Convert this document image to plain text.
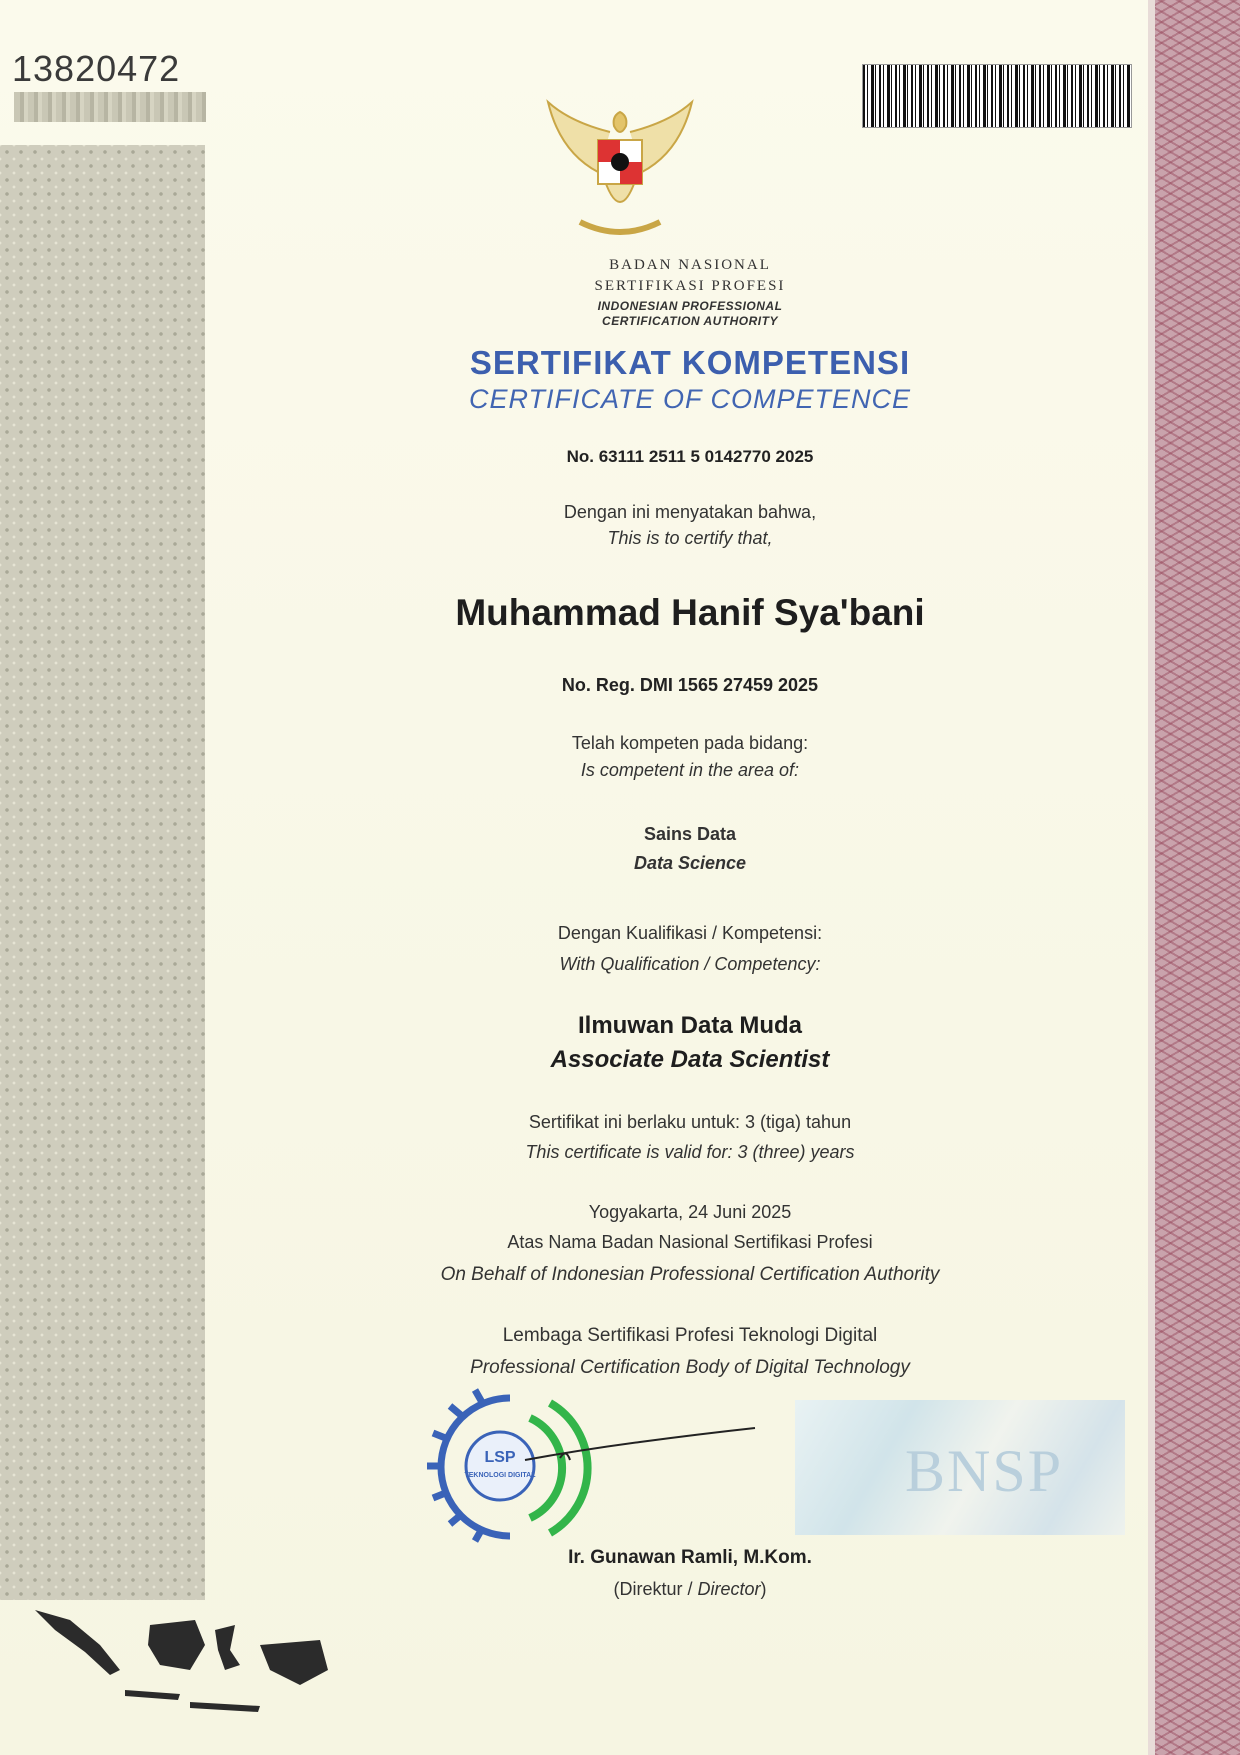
13820472
BADAN NASIONAL
SERTIFIKASI PROFESI
INDONESIAN PROFESSIONAL
CERTIFICATION AUTHORITY
SERTIFIKAT KOMPETENSI
CERTIFICATE OF COMPETENCE
No. 63111 2511 5 0142770 2025
Dengan ini menyatakan bahwa,
This is to certify that,
Muhammad Hanif Sya'bani
No. Reg. DMI 1565 27459 2025
Telah kompeten pada bidang:
Is competent in the area of:
Sains Data
Data Science
Dengan Kualifikasi / Kompetensi:
With Qualification / Competency:
Ilmuwan Data Muda
Associate Data Scientist
Sertifikat ini berlaku untuk: 3 (tiga) tahun
This certificate is valid for: 3 (three) years
Yogyakarta, 24 Juni 2025
Atas Nama Badan Nasional Sertifikasi Profesi
On Behalf of Indonesian Professional Certification Authority
Lembaga Sertifikasi Profesi Teknologi Digital
Professional Certification Body of Digital Technology
LSP
TEKNOLOGI DIGITAL	BNSP
Ir. Gunawan Ramli, M.Kom.
(Direktur / Director)
